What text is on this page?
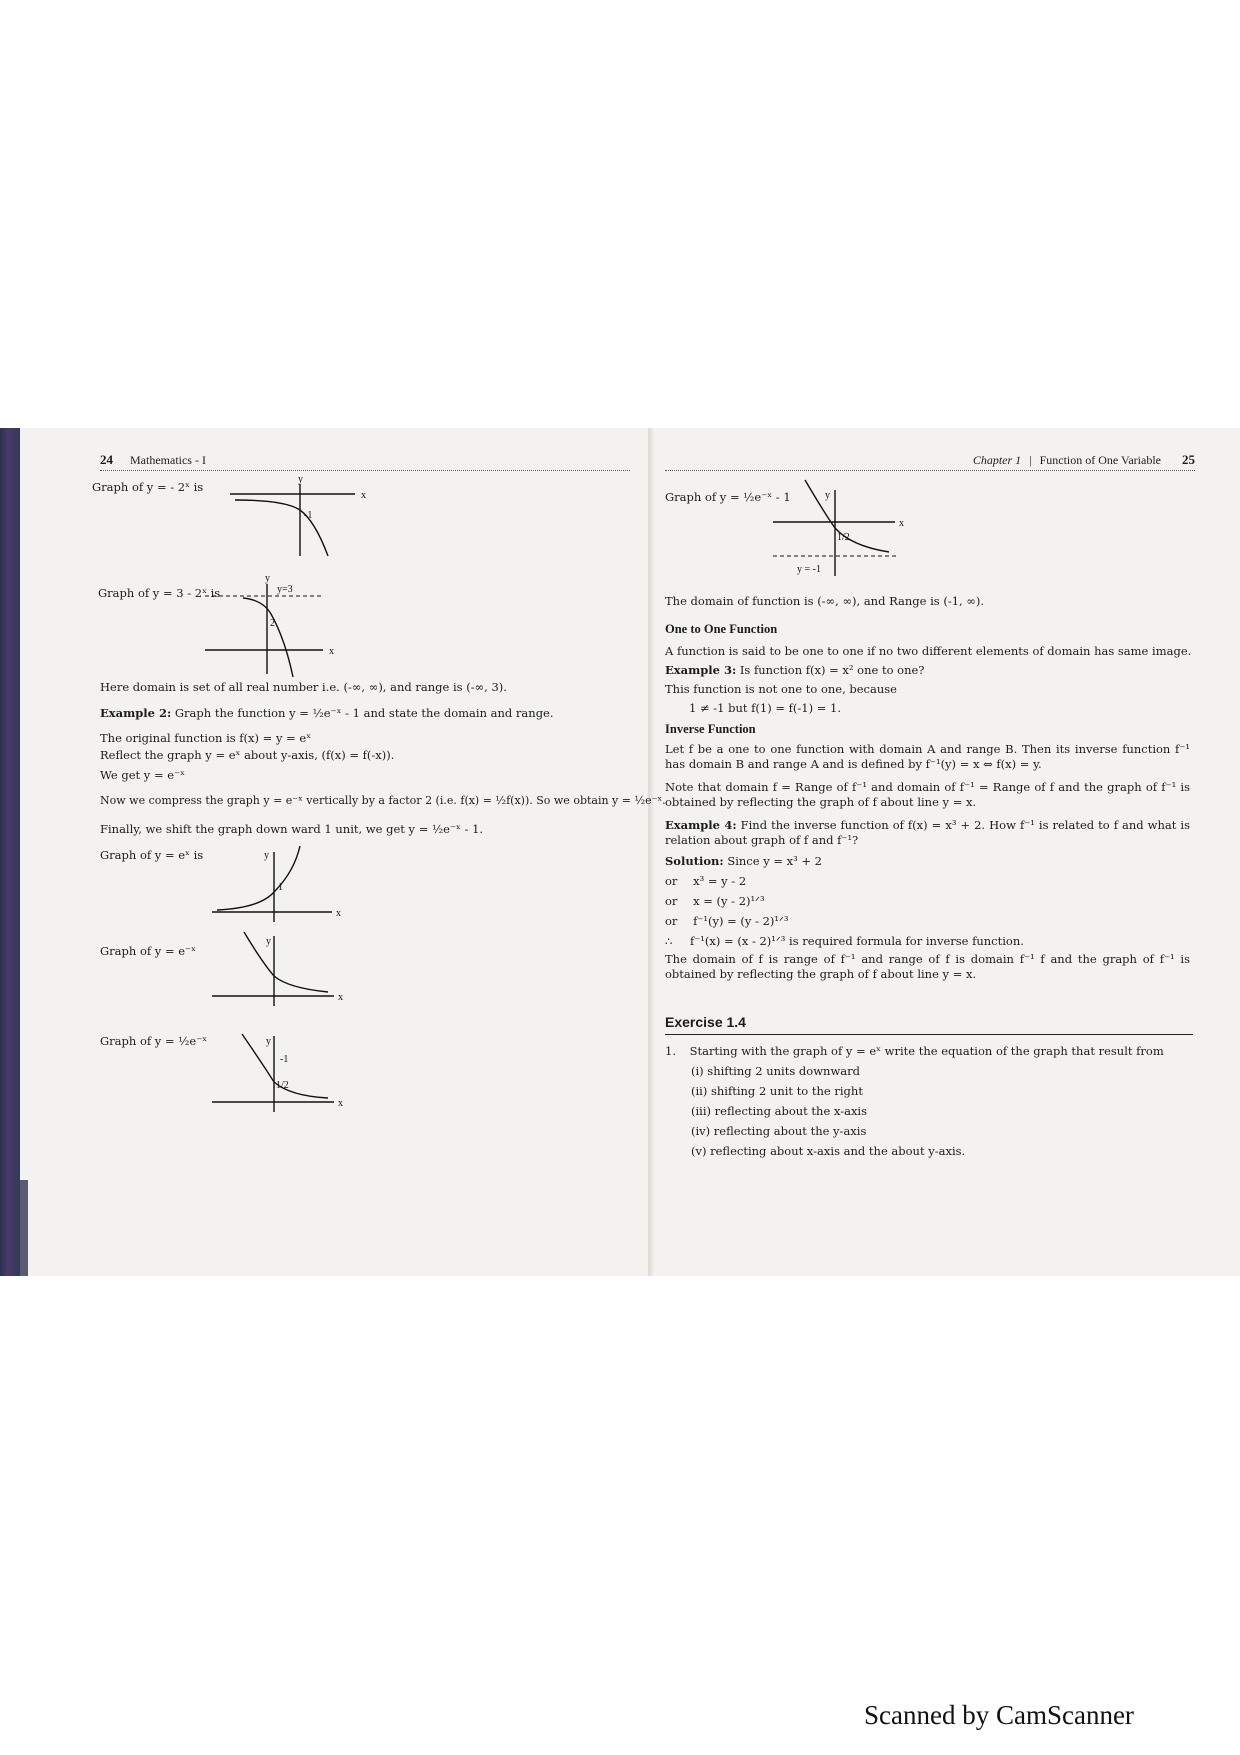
24 Mathematics - I
Graph of y = - 2ˣ is
y
x
-1
Graph of y = 3 - 2ˣ is
y
x
y=3
2
Here domain is set of all real number i.e. (-∞, ∞), and range is (-∞, 3).
Example 2: Graph the function y = ½e⁻ˣ - 1 and state the domain and range.
The original function is f(x) = y = eˣ
Reflect the graph y = eˣ about y-axis, (f(x) = f(-x)).
We get y = e⁻ˣ
Now we compress the graph y = e⁻ˣ vertically by a factor 2 (i.e. f(x) = ½f(x)). So we obtain y = ½e⁻ˣ.
Finally, we shift the graph down ward 1 unit, we get y = ½e⁻ˣ - 1.
Graph of y = eˣ is	y
x
1
Graph of y = e⁻ˣ
y
x
Graph of y = ½e⁻ˣ	y
x
-1
1/2
Chapter 1 | Function of One Variable 25
Graph of y = ½e⁻ˣ - 1	y
x
1/2
y = -1
The domain of function is (-∞, ∞), and Range is (-1, ∞).
One to One Function
A function is said to be one to one if no two different elements of domain has same image.
Example 3: Is function f(x) = x² one to one?
This function is not one to one, because
1 ≠ -1 but f(1) = f(-1) = 1.
Inverse Function
Let f be a one to one function with domain A and range B. Then its inverse function f⁻¹ has domain B and range A and is defined by f⁻¹(y) = x ⇔ f(x) = y.
Note that domain f = Range of f⁻¹ and domain of f⁻¹ = Range of f and the graph of f⁻¹ is obtained by reflecting the graph of f about line y = x.
Example 4: Find the inverse function of f(x) = x³ + 2. How f⁻¹ is related to f and what is relation about graph of f and f⁻¹?
Solution: Since y = x³ + 2
or x³ = y - 2
or x = (y - 2)¹ᐟ³
or f⁻¹(y) = (y - 2)¹ᐟ³
∴ f⁻¹(x) = (x - 2)¹ᐟ³ is required formula for inverse function.
The domain of f is range of f⁻¹ and range of f is domain f⁻¹ f and the graph of f⁻¹ is obtained by reflecting the graph of f about line y = x.
Exercise 1.4
1. Starting with the graph of y = eˣ write the equation of the graph that result from
(i) shifting 2 units downward
(ii) shifting 2 unit to the right
(iii) reflecting about the x-axis
(iv) reflecting about the y-axis
(v) reflecting about x-axis and the about y-axis.
Scanned by CamScanner
